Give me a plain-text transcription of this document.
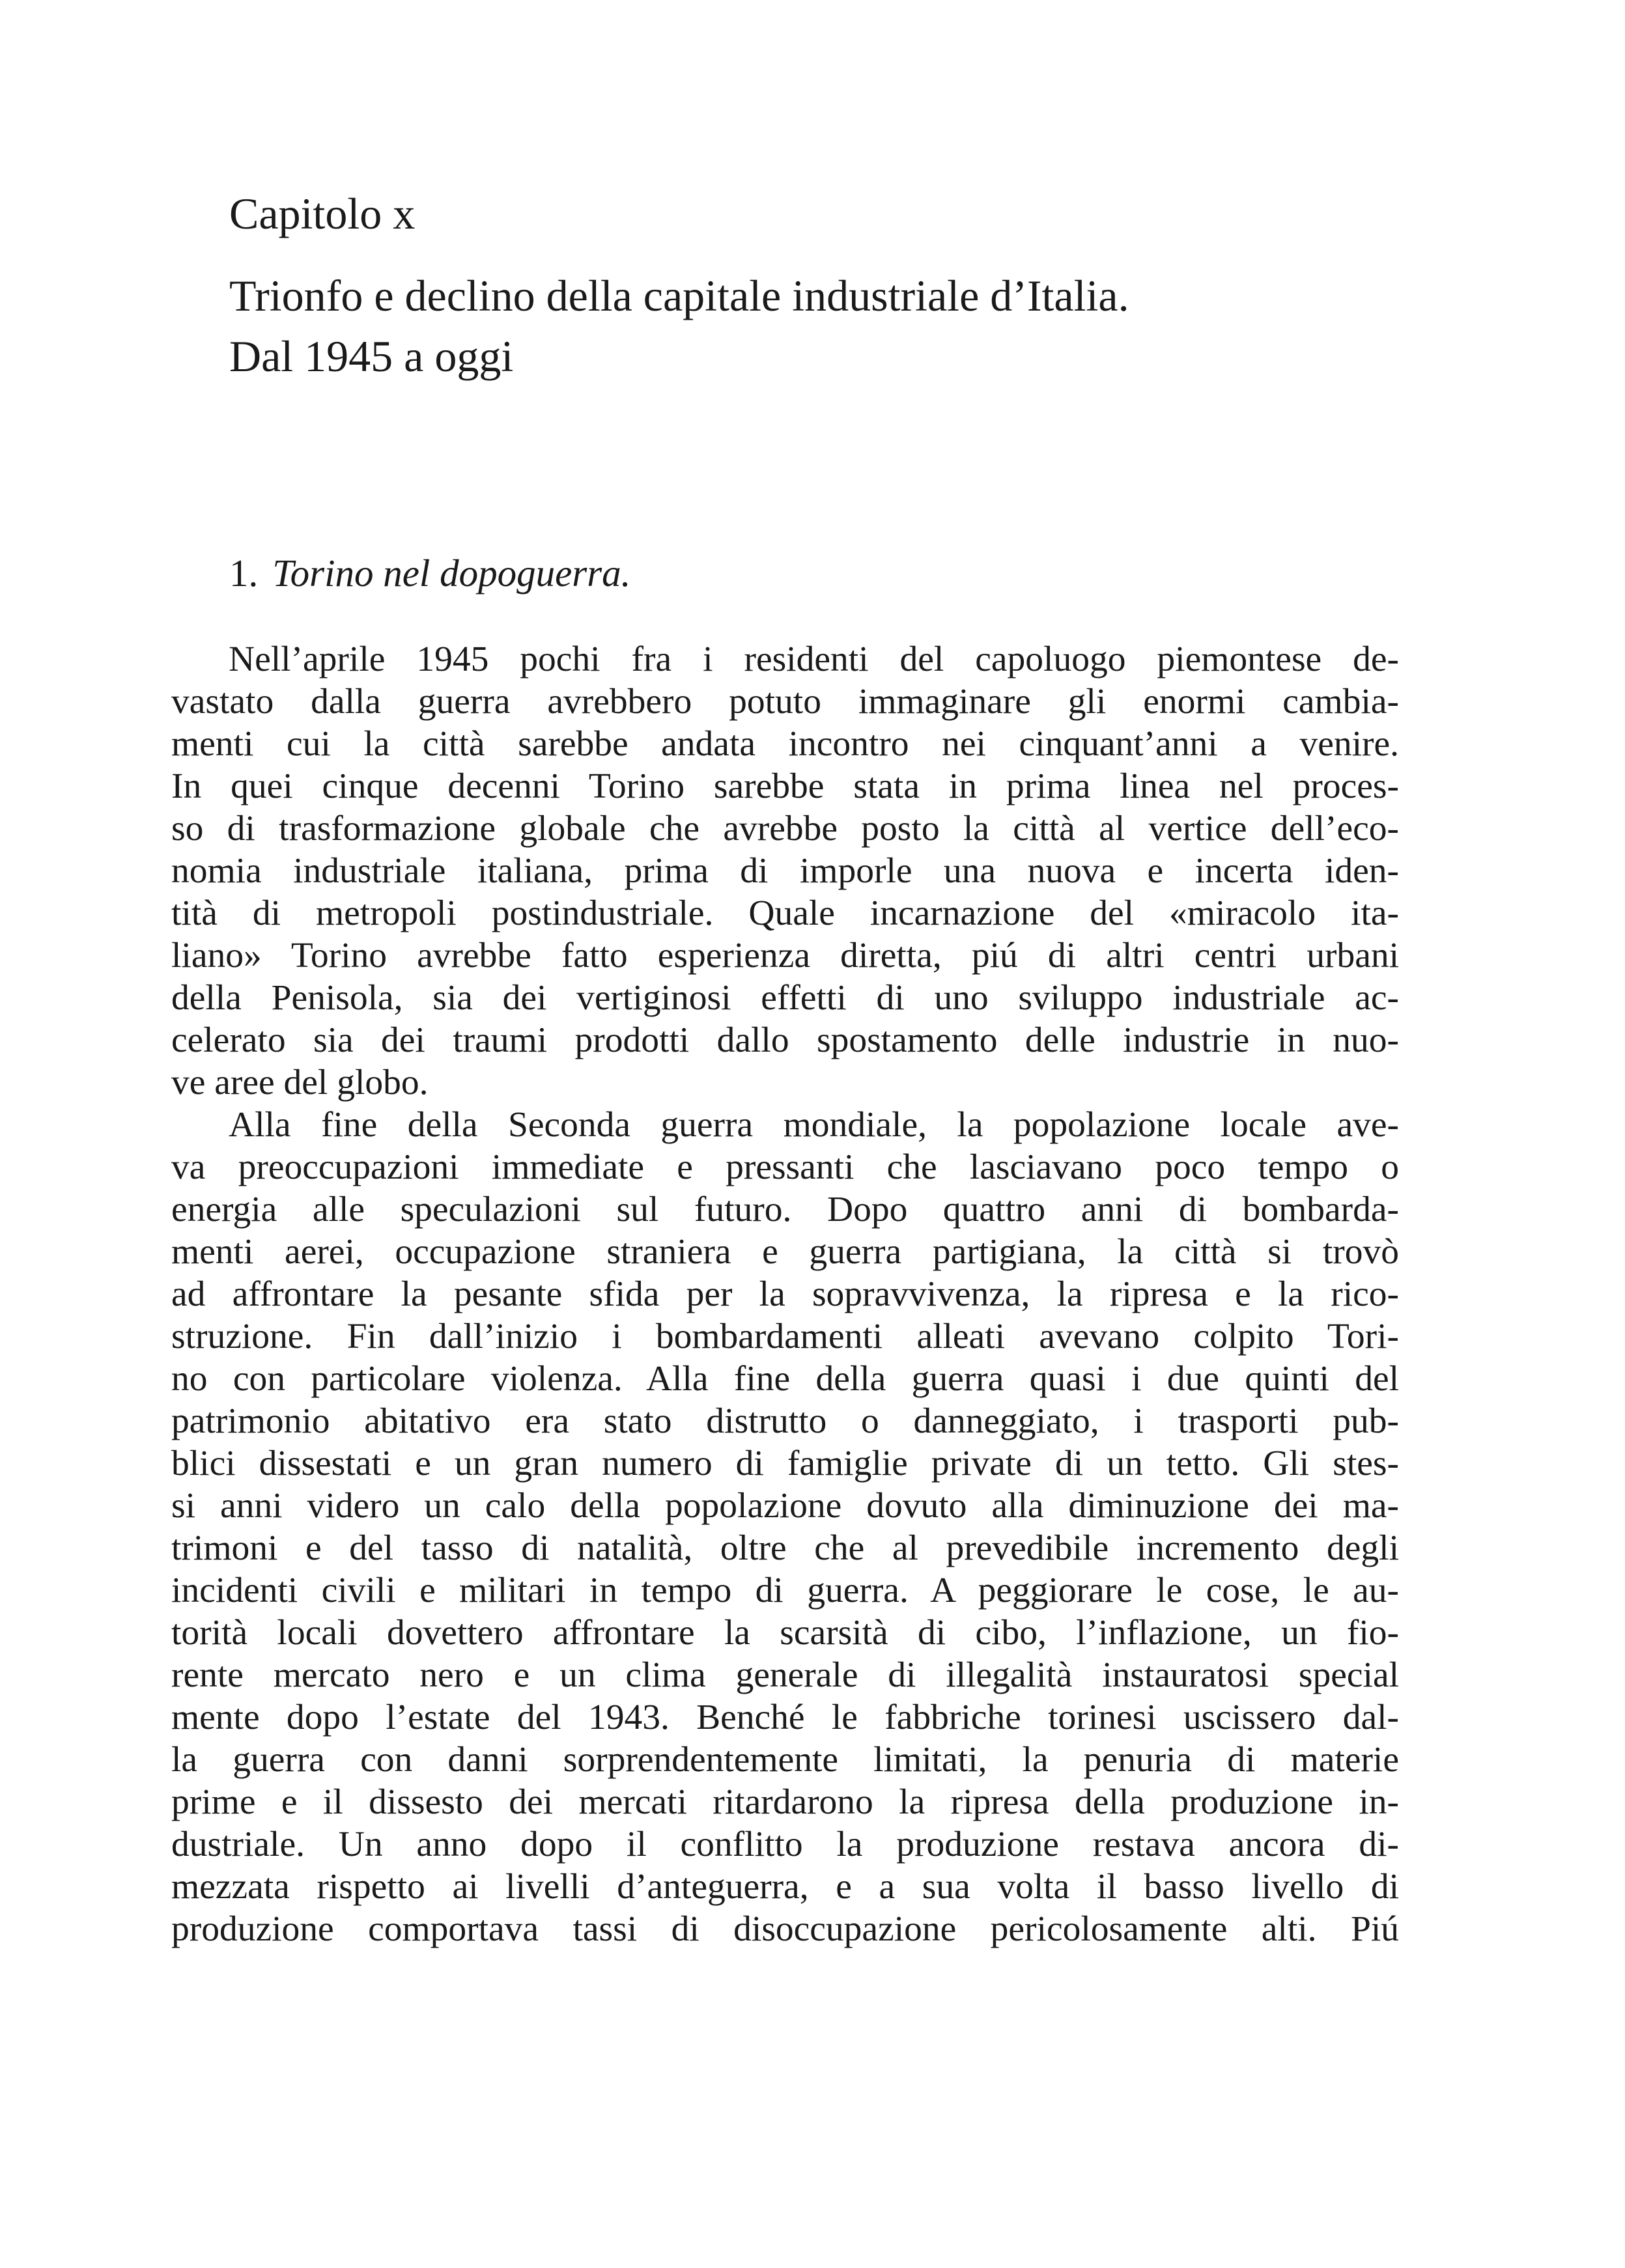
Capitolo x
Trionfo e declino della capitale industriale d’Italia.
Dal 1945 a oggi
1. Torino nel dopoguerra.
Nell’aprile 1945 pochi fra i residenti del capoluogo piemontese de-
vastato dalla guerra avrebbero potuto immaginare gli enormi cambia-
menti cui la città sarebbe andata incontro nei cinquant’anni a venire.
In quei cinque decenni Torino sarebbe stata in prima linea nel proces-
so di trasformazione globale che avrebbe posto la città al vertice dell’eco-
nomia industriale italiana, prima di imporle una nuova e incerta iden-
tità di metropoli postindustriale. Quale incarnazione del «miracolo ita-
liano» Torino avrebbe fatto esperienza diretta, piú di altri centri urbani
della Penisola, sia dei vertiginosi effetti di uno sviluppo industriale ac-
celerato sia dei traumi prodotti dallo spostamento delle industrie in nuo-
ve aree del globo.
Alla fine della Seconda guerra mondiale, la popolazione locale ave-
va preoccupazioni immediate e pressanti che lasciavano poco tempo o
energia alle speculazioni sul futuro. Dopo quattro anni di bombarda-
menti aerei, occupazione straniera e guerra partigiana, la città si trovò
ad affrontare la pesante sfida per la sopravvivenza, la ripresa e la rico-
struzione. Fin dall’inizio i bombardamenti alleati avevano colpito Tori-
no con particolare violenza. Alla fine della guerra quasi i due quinti del
patrimonio abitativo era stato distrutto o danneggiato, i trasporti pub-
blici dissestati e un gran numero di famiglie private di un tetto. Gli stes-
si anni videro un calo della popolazione dovuto alla diminuzione dei ma-
trimoni e del tasso di natalità, oltre che al prevedibile incremento degli
incidenti civili e militari in tempo di guerra. A peggiorare le cose, le au-
torità locali dovettero affrontare la scarsità di cibo, l’inflazione, un fio-
rente mercato nero e un clima generale di illegalità instauratosi special
mente dopo l’estate del 1943. Benché le fabbriche torinesi uscissero dal-
la guerra con danni sorprendentemente limitati, la penuria di materie
prime e il dissesto dei mercati ritardarono la ripresa della produzione in-
dustriale. Un anno dopo il conflitto la produzione restava ancora di-
mezzata rispetto ai livelli d’anteguerra, e a sua volta il basso livello di
produzione comportava tassi di disoccupazione pericolosamente alti. Piú
